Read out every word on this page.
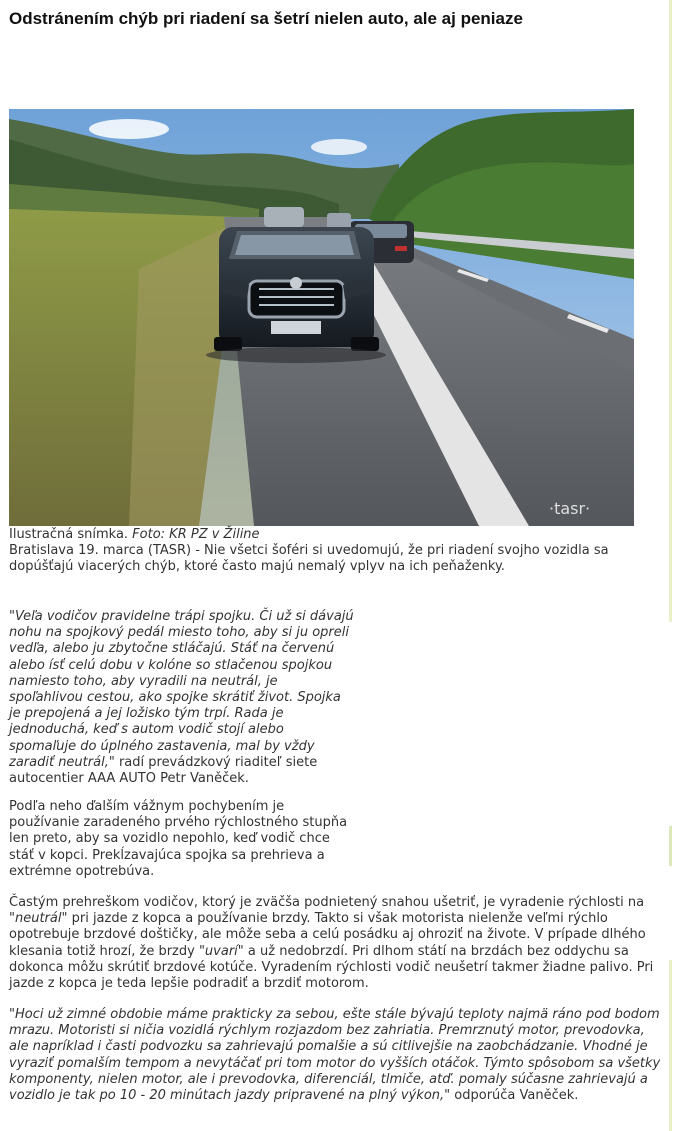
Odstránením chýb pri riadení sa šetrí nielen auto, ale aj peniaze
·tasr·
Ilustračná snímka. Foto: KR PZ v Žiline

Bratislava 19. marca (TASR) - Nie všetci šoféri si uvedomujú, že pri riadení svojho vozidla sa dopúšťajú viacerých chýb, ktoré často majú nemalý vplyv na ich peňaženky.

"Veľa vodičov pravidelne trápi spojku. Či už si dávajú nohu na spojkový pedál miesto toho, aby si ju opreli vedľa, alebo ju zbytočne stláčajú. Stáť na červenú alebo ísť celú dobu v kolóne so stlačenou spojkou namiesto toho, aby vyradili na neutrál, je spoľahlivou cestou, ako spojke skrátiť život. Spojka je prepojená a jej ložisko tým trpí. Rada je jednoduchá, keď s autom vodič stojí alebo spomaľuje do úplného zastavenia, mal by vždy zaradiť neutrál," radí prevádzkový riaditeľ siete autocentier AAA AUTO Petr Vaněček.

Podľa neho ďalším vážnym pochybením je používanie zaradeného prvého rýchlostného stupňa len preto, aby sa vozidlo nepohlo, keď vodič chce stáť v kopci. Prekĺzavajúca spojka sa prehrieva a extrémne opotrebúva.

Častým prehreškom vodičov, ktorý je zväčša podnietený snahou ušetriť, je vyradenie rýchlosti na "neutrál" pri jazde z kopca a používanie brzdy. Takto si však motorista nielenže veľmi rýchlo opotrebuje brzdové doštičky, ale môže seba a celú posádku aj ohroziť na živote. V prípade dlhého klesania totiž hrozí, že brzdy "uvarí" a už nedobrzdí. Pri dlhom státí na brzdách bez oddychu sa dokonca môžu skrútiť brzdové kotúče. Vyradením rýchlosti vodič neušetrí takmer žiadne palivo. Pri jazde z kopca je teda lepšie podradiť a brzdiť motorom.

"Hoci už zimné obdobie máme prakticky za sebou, ešte stále bývajú teploty najmä ráno pod bodom mrazu. Motoristi si ničia vozidlá rýchlym rozjazdom bez zahriatia. Premrznutý motor, prevodovka, ale napríklad i časti podvozku sa zahrievajú pomalšie a sú citlivejšie na zaobchádzanie. Vhodné je vyraziť pomalším tempom a nevytáčať pri tom motor do vyšších otáčok. Týmto spôsobom sa všetky komponenty, nielen motor, ale i prevodovka, diferenciál, tlmiče, atď. pomaly súčasne zahrievajú a vozidlo je tak po 10 - 20 minútach jazdy pripravené na plný výkon," odporúča Vaněček.
